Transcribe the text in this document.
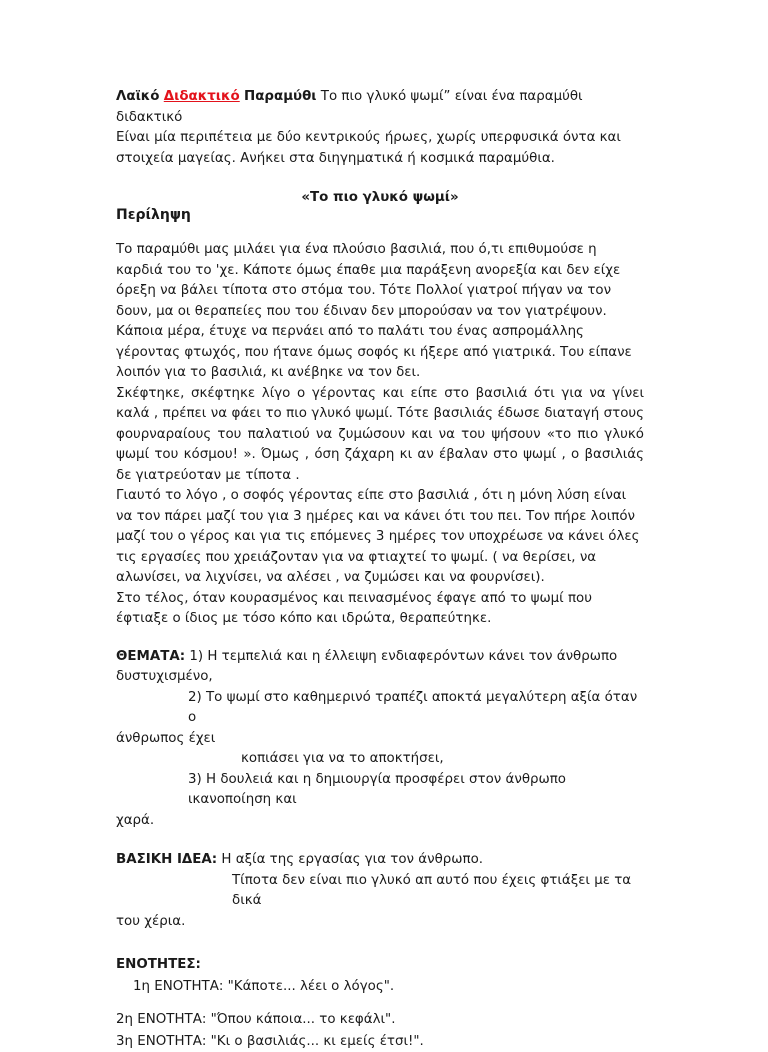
Λαϊκό Διδακτικό Παραμύθι Το πιο γλυκό ψωμί” είναι ένα παραμύθι διδακτικό

Είναι μία περιπέτεια με δύο κεντρικούς ήρωες, χωρίς υπερφυσικά όντα και στοιχεία μαγείας. Ανήκει στα διηγηματικά ή κοσμικά παραμύθια.

«Το πιο γλυκό ψωμί»

Περίληψη

Το παραμύθι μας μιλάει για ένα πλούσιο βασιλιά, που ό,τι επιθυμούσε η καρδιά του το 'χε. Κάποτε όμως έπαθε μια παράξενη ανορεξία και δεν είχε όρεξη να βάλει τίποτα στο στόμα του. Τότε Πολλοί γιατροί πήγαν να τον δουν, μα οι θεραπείες που του έδιναν δεν μπορούσαν να τον γιατρέψουν.

Κάποια μέρα, έτυχε να περνάει από το παλάτι του ένας ασπρομάλλης γέροντας φτωχός, που ήτανε όμως σοφός κι ήξερε από γιατρικά. Του είπανε λοιπόν για το βασιλιά, κι ανέβηκε να τον δει.

Σκέφτηκε, σκέφτηκε λίγο ο γέροντας και είπε στο βασιλιά ότι για να γίνει καλά , πρέπει να φάει το πιο γλυκό ψωμί. Τότε βασιλιάς έδωσε διαταγή στους φουρναραίους του παλατιού να ζυμώσουν και να του ψήσουν «το πιο γλυκό ψωμί του κόσμου! ». Όμως , όση ζάχαρη κι αν έβαλαν στο ψωμί , ο βασιλιάς δε γιατρεύοταν με τίποτα .

Γιαυτό το λόγο , ο σοφός γέροντας είπε στο βασιλιά , ότι η μόνη λύση είναι να τον πάρει μαζί του για 3 ημέρες και να κάνει ότι του πει. Τον πήρε λοιπόν μαζί του ο γέρος και για τις επόμενες 3 ημέρες τον υποχρέωσε να κάνει όλες τις εργασίες που χρειάζονταν για να φτιαχτεί το ψωμί. ( να θερίσει, να αλωνίσει, να λιχνίσει, να αλέσει , να ζυμώσει και να φουρνίσει).

Στο τέλος, όταν κουρασμένος και πεινασμένος έφαγε από το ψωμί που έφτιαξε ο ίδιος με τόσο κόπο και ιδρώτα, θεραπεύτηκε.

ΘΕΜΑΤΑ: 1) Η τεμπελιά και η έλλειψη ενδιαφερόντων κάνει τον άνθρωπο

δυστυχισμένο,

2) Το ψωμί στο καθημερινό τραπέζι αποκτά μεγαλύτερη αξία όταν ο

άνθρωπος έχει

κοπιάσει για να το αποκτήσει,

3) Η δουλειά και η δημιουργία προσφέρει στον άνθρωπο ικανοποίηση και

χαρά.

ΒΑΣΙΚΗ ΙΔΕΑ: Η αξία της εργασίας για τον άνθρωπο.

Τίποτα δεν είναι πιο γλυκό απ αυτό που έχεις φτιάξει με τα δικά

του χέρια.

ΕΝΟΤΗΤΕΣ:

1η ΕΝΟΤΗΤΑ: "Κάποτε... λέει ο λόγος".

2η ΕΝΟΤΗΤΑ: "Όπου κάποια... το κεφάλι".

3η ΕΝΟΤΗΤΑ: "Κι ο βασιλιάς... κι εμείς έτσι!".
